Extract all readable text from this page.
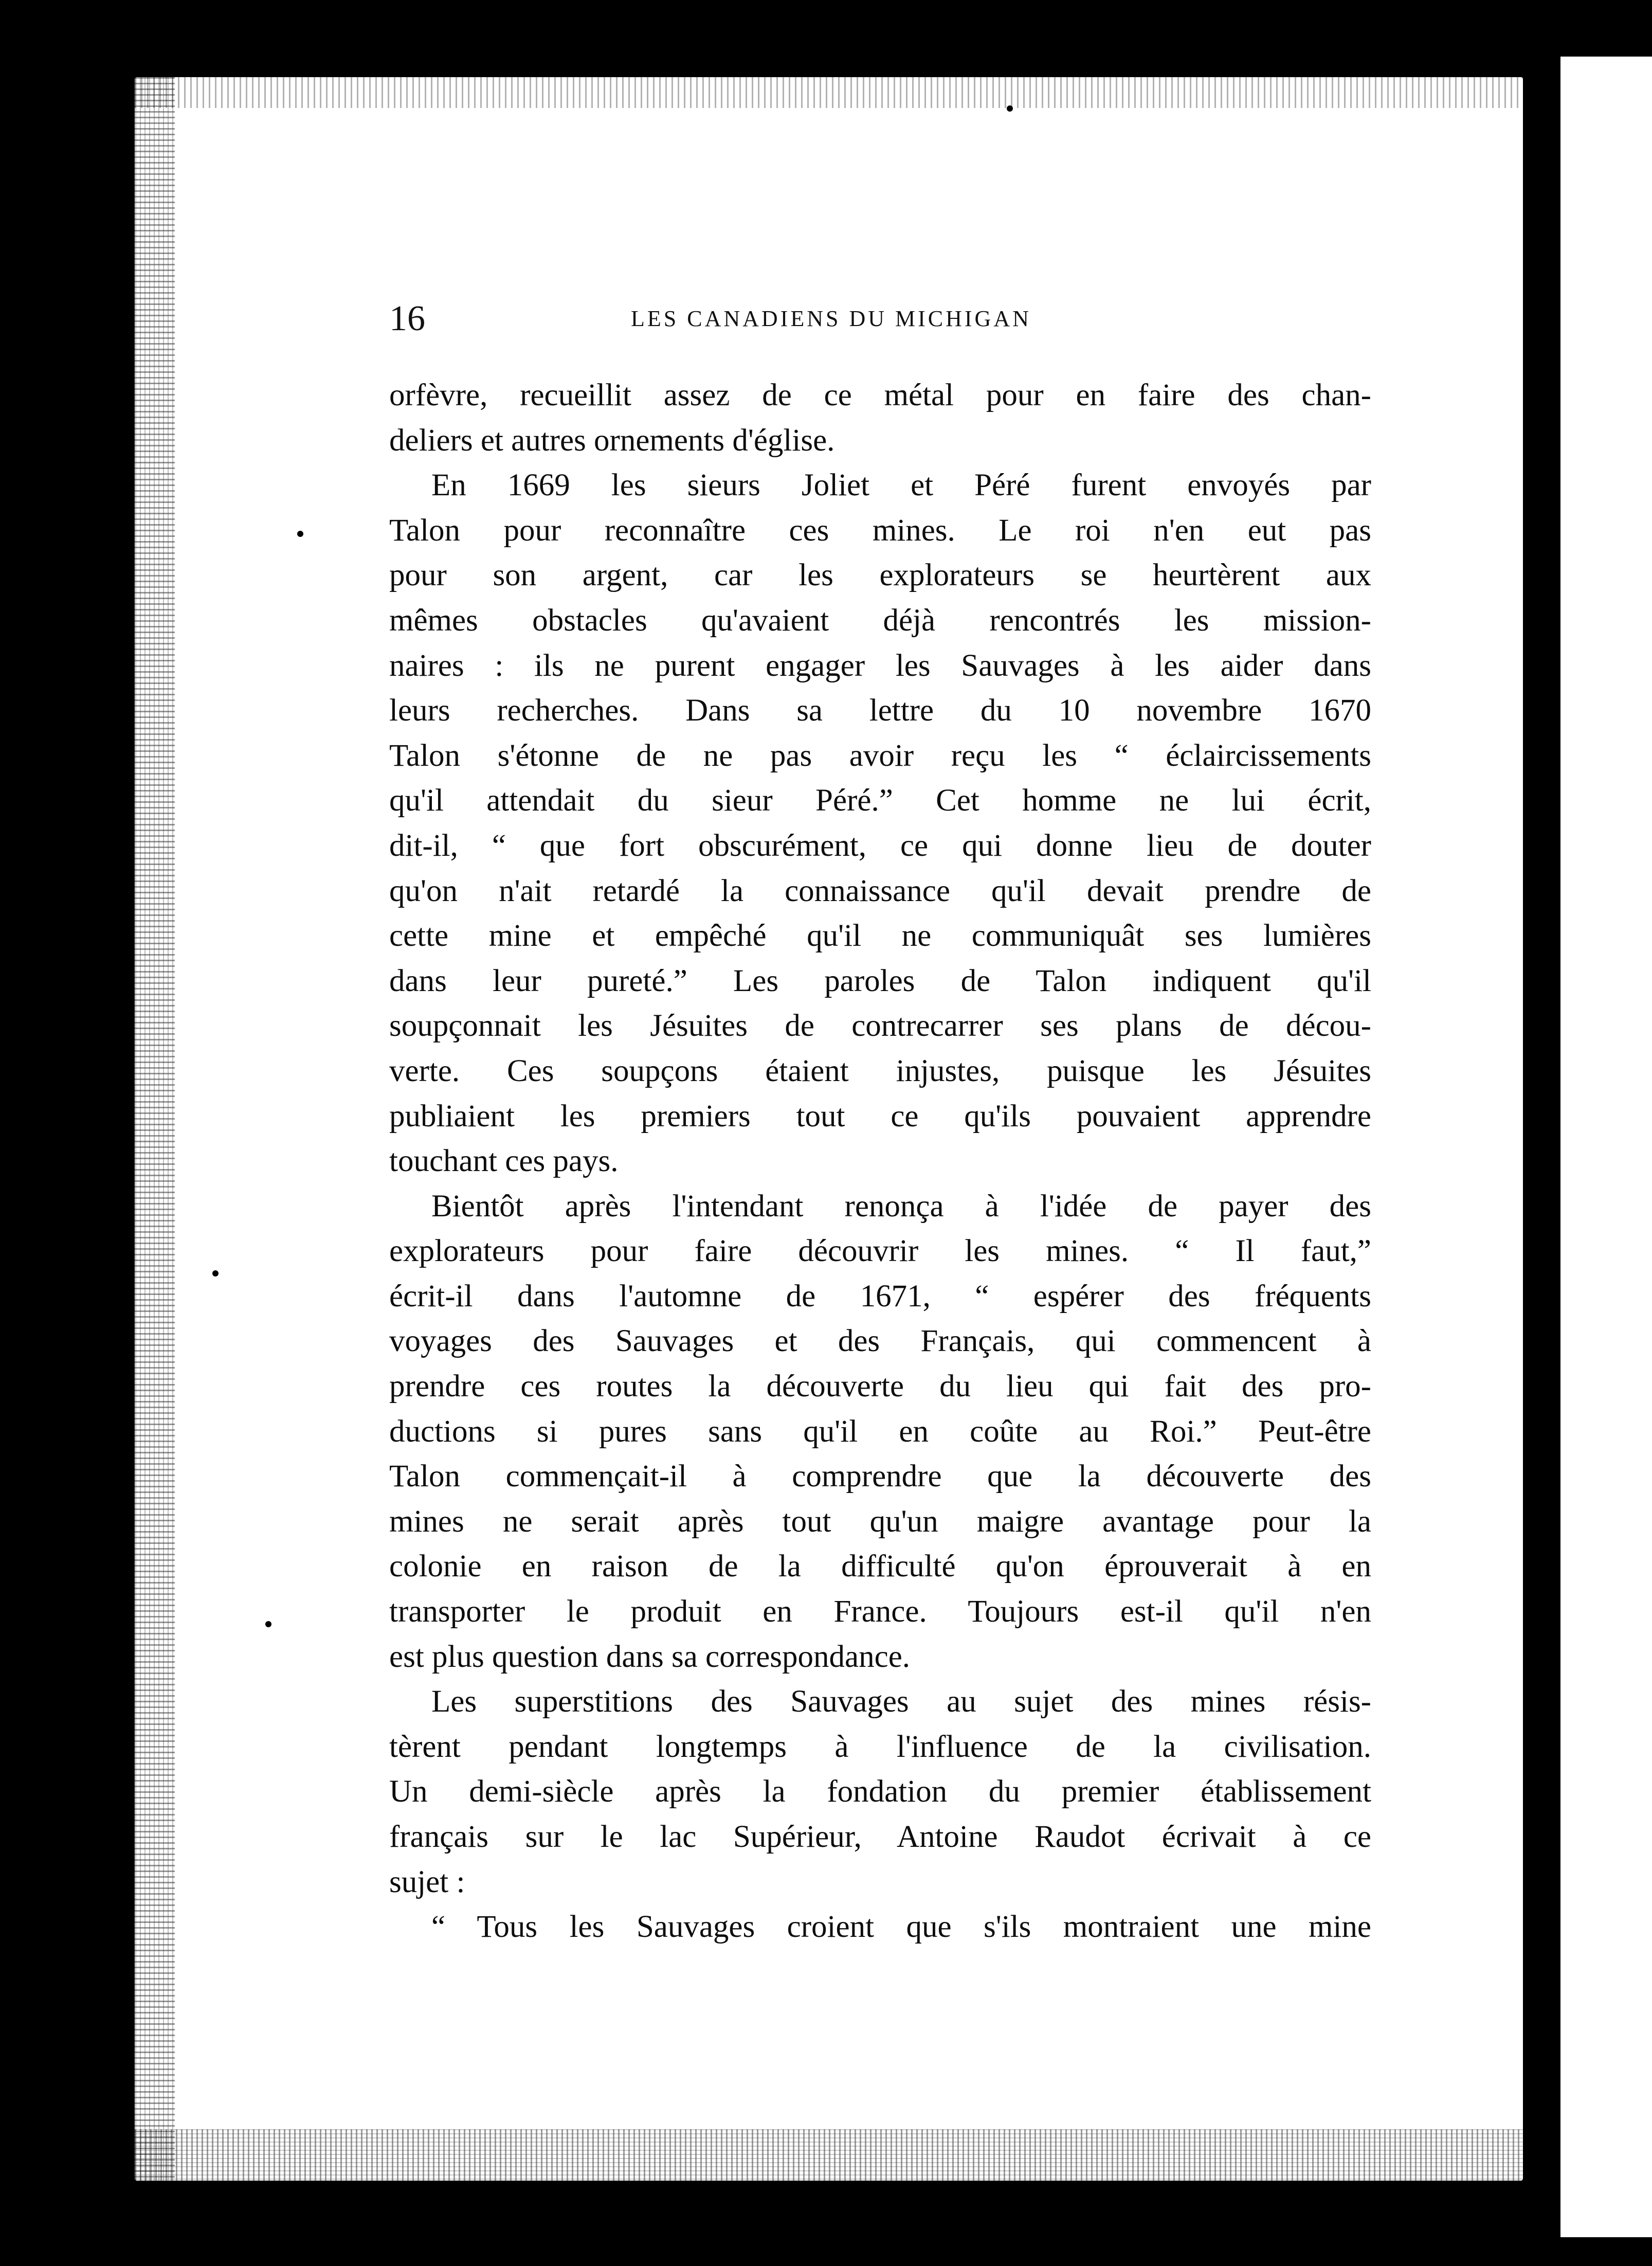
16	LES CANADIENS DU MICHIGAN
orfèvre, recueillit assez de ce métal pour en faire des chan-
deliers et autres ornements d'église.
En 1669 les sieurs Joliet et Péré furent envoyés par
Talon pour reconnaître ces mines. Le roi n'en eut pas
pour son argent, car les explorateurs se heurtèrent aux
mêmes obstacles qu'avaient déjà rencontrés les mission-
naires : ils ne purent engager les Sauvages à les aider dans
leurs recherches. Dans sa lettre du 10 novembre 1670
Talon s'étonne de ne pas avoir reçu les “ éclaircissements
qu'il attendait du sieur Péré.” Cet homme ne lui écrit,
dit-il, “ que fort obscurément, ce qui donne lieu de douter
qu'on n'ait retardé la connaissance qu'il devait prendre de
cette mine et empêché qu'il ne communiquât ses lumières
dans leur pureté.” Les paroles de Talon indiquent qu'il
soupçonnait les Jésuites de contrecarrer ses plans de décou-
verte. Ces soupçons étaient injustes, puisque les Jésuites
publiaient les premiers tout ce qu'ils pouvaient apprendre
touchant ces pays.
Bientôt après l'intendant renonça à l'idée de payer des
explorateurs pour faire découvrir les mines. “ Il faut,”
écrit-il dans l'automne de 1671, “ espérer des fréquents
voyages des Sauvages et des Français, qui commencent à
prendre ces routes la découverte du lieu qui fait des pro-
ductions si pures sans qu'il en coûte au Roi.” Peut-être
Talon commençait-il à comprendre que la découverte des
mines ne serait après tout qu'un maigre avantage pour la
colonie en raison de la difficulté qu'on éprouverait à en
transporter le produit en France. Toujours est-il qu'il n'en
est plus question dans sa correspondance.
Les superstitions des Sauvages au sujet des mines résis-
tèrent pendant longtemps à l'influence de la civilisation.
Un demi-siècle après la fondation du premier établissement
français sur le lac Supérieur, Antoine Raudot écrivait à ce
sujet :
“ Tous les Sauvages croient que s'ils montraient une mine
